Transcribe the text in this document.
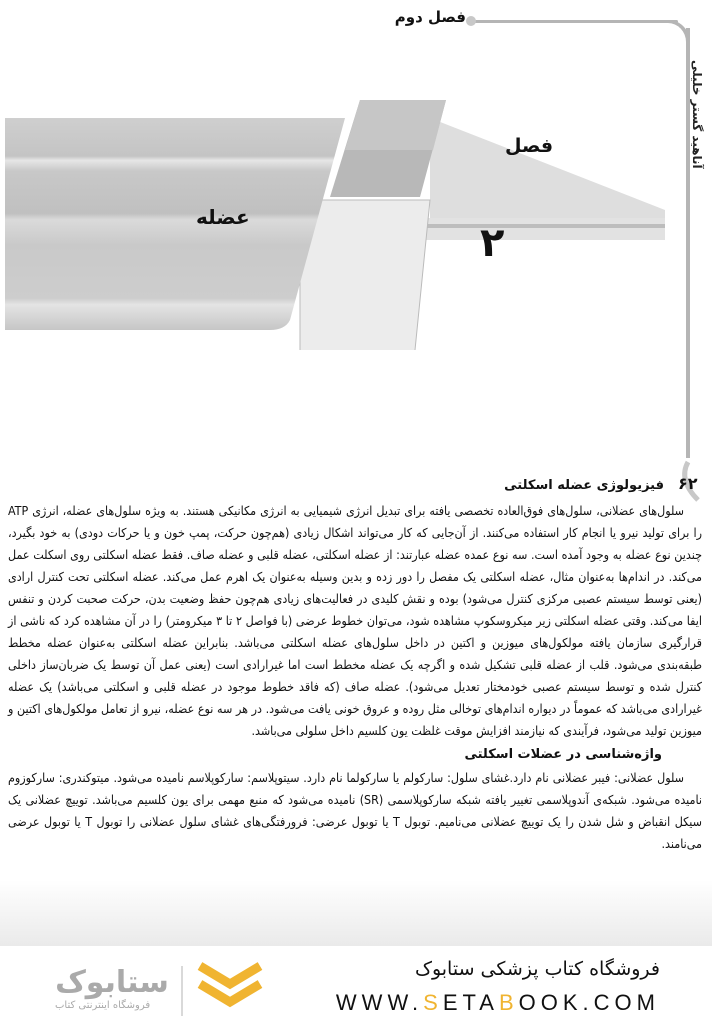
فصل دوم
آناهید گستر خلیلی
عضله
فصل
۲
۶۲
فیزیولوژی عضله اسکلتی

سلول‌های عضلانی، سلول‌های فوق‌العاده تخصصی یافته برای تبدیل انرژی شیمیایی به انرژی مکانیکی هستند. به ویژه سلول‌های عضله، انرژی ATP را برای تولید نیرو یا انجام کار استفاده می‌کنند. از آن‌جایی که کار می‌تواند اشکال زیادی (هم‌چون حرکت، پمپ خون و یا حرکات دودی) به خود بگیرد، چندین نوع عضله به وجود آمده است. سه نوع عمده عضله عبارتند: از عضله اسکلتی، عضله قلبی و عضله صاف. فقط عضله اسکلتی روی اسکلت عمل می‌کند. در اندام‌ها به‌عنوان مثال، عضله اسکلتی یک مفصل را دور زده و بدین وسیله به‌عنوان یک اهرم عمل می‌کند. عضله اسکلتی تحت کنترل ارادی (یعنی توسط سیستم عصبی مرکزی کنترل می‌شود) بوده و نقش کلیدی در فعالیت‌های زیادی هم‌چون حفظ وضعیت بدن، حرکت صحبت کردن و تنفس ایفا می‌کند. وقتی عضله اسکلتی زیر میکروسکوپ مشاهده شود، می‌توان خطوط عرضی (با فواصل ۲ تا ۳ میکرومتر) را در آن مشاهده کرد که ناشی از قرارگیری سازمان یافته مولکول‌های میوزین و اکتین در داخل سلول‌های عضله اسکلتی می‌باشد. بنابراین عضله اسکلتی به‌عنوان عضله مخطط طبقه‌بندی می‌شود. قلب از عضله قلبی تشکیل شده و اگرچه یک عضله مخطط است اما غیرارادی است (یعنی عمل آن توسط یک ضربان‌ساز داخلی کنترل شده و توسط سیستم عصبی خودمختار تعدیل می‌شود). عضله صاف (که فاقد خطوط موجود در عضله قلبی و اسکلتی می‌باشد) یک عضله غیرارادی می‌باشد که عموماً در دیواره اندام‌های توخالی مثل روده و عروق خونی یافت می‌شود. در هر سه نوع عضله، نیرو از تعامل مولکول‌های اکتین و میوزین تولید می‌شود، فرآیندی که نیازمند افزایش موقت غلظت یون کلسیم داخل سلولی می‌باشد.

واژه‌شناسی در عضلات اسکلتی

سلول عضلانی: فیبر عضلانی نام دارد.غشای سلول: سارکولم یا سارکولما نام دارد. سیتوپلاسم: سارکوپلاسم نامیده می‌شود. میتوکندری: سارکوزوم نامیده می‌شود. شبکه‌ی آندوپلاسمی تغییر یافته شبکه سارکوپلاسمی (SR) نامیده می‌شود که منبع مهمی برای یون کلسیم می‌باشد. توییچ عضلانی یک سیکل انقباض و شل شدن را یک توییچ عضلانی می‌نامیم. توبول T یا توبول عرضی: فرورفتگی‌های غشای سلول عضلانی را توبول T یا توبول عرضی می‌نامند.

فروشگاه کتاب پزشکی ستابوک
WWW.SETABOOK.COM
ستابوک
فروشگاه اینترنتی کتاب
